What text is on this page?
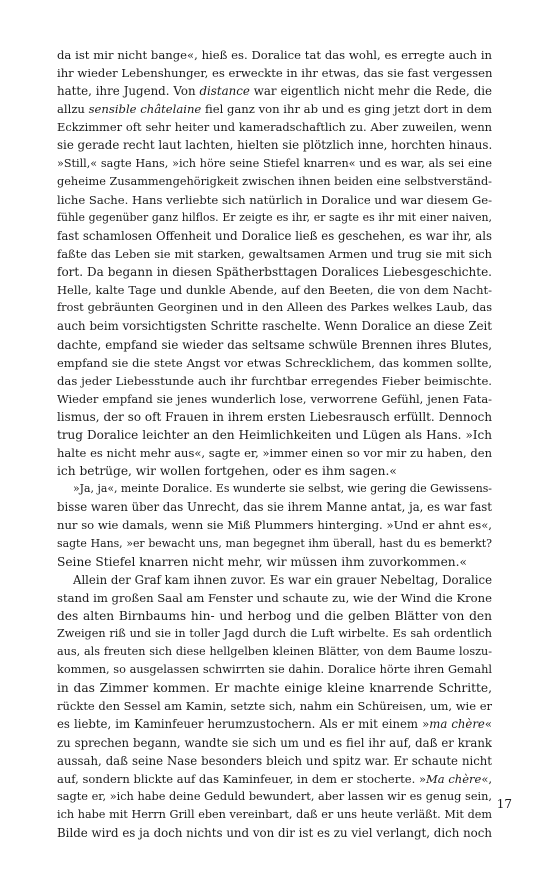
da ist mir nicht bange«, hieß es. Doralice tat das wohl, es erregte auch in
ihr wieder Lebenshunger, es erweckte in ihr etwas, das sie fast vergessen
hatte, ihre Jugend. Von distance war eigentlich nicht mehr die Rede, die
allzu sensible châtelaine fiel ganz von ihr ab und es ging jetzt dort in dem
Eckzimmer oft sehr heiter und kameradschaftlich zu. Aber zuweilen, wenn
sie gerade recht laut lachten, hielten sie plötzlich inne, horchten hinaus.
»Still,« sagte Hans, »ich höre seine Stiefel knarren« und es war, als sei eine
geheime Zusammengehörigkeit zwischen ihnen beiden eine selbstverständ-
liche Sache. Hans verliebte sich natürlich in Doralice und war diesem Ge-
fühle gegenüber ganz hilflos. Er zeigte es ihr, er sagte es ihr mit einer naiven,
fast schamlosen Offenheit und Doralice ließ es geschehen, es war ihr, als
faßte das Leben sie mit starken, gewaltsamen Armen und trug sie mit sich
fort. Da begann in diesen Spätherbsttagen Doralices Liebesgeschichte.
Helle, kalte Tage und dunkle Abende, auf den Beeten, die von dem Nacht-
frost gebräunten Georginen und in den Alleen des Parkes welkes Laub, das
auch beim vorsichtigsten Schritte raschelte. Wenn Doralice an diese Zeit
dachte, empfand sie wieder das seltsame schwüle Brennen ihres Blutes,
empfand sie die stete Angst vor etwas Schrecklichem, das kommen sollte,
das jeder Liebesstunde auch ihr furchtbar erregendes Fieber beimischte.
Wieder empfand sie jenes wunderlich lose, verworrene Gefühl, jenen Fata-
lismus, der so oft Frauen in ihrem ersten Liebesrausch erfüllt. Dennoch
trug Doralice leichter an den Heimlichkeiten und Lügen als Hans. »Ich
halte es nicht mehr aus«, sagte er, »immer einen so vor mir zu haben, den
ich betrüge, wir wollen fortgehen, oder es ihm sagen.«
»Ja, ja«, meinte Doralice. Es wunderte sie selbst, wie gering die Gewissens-
bisse waren über das Unrecht, das sie ihrem Manne antat, ja, es war fast
nur so wie damals, wenn sie Miß Plummers hinterging. »Und er ahnt es«,
sagte Hans, »er bewacht uns, man begegnet ihm überall, hast du es bemerkt?
Seine Stiefel knarren nicht mehr, wir müssen ihm zuvorkommen.«
Allein der Graf kam ihnen zuvor. Es war ein grauer Nebeltag, Doralice
stand im großen Saal am Fenster und schaute zu, wie der Wind die Krone
des alten Birnbaums hin- und herbog und die gelben Blätter von den
Zweigen riß und sie in toller Jagd durch die Luft wirbelte. Es sah ordentlich
aus, als freuten sich diese hellgelben kleinen Blätter, von dem Baume loszu-
kommen, so ausgelassen schwirrten sie dahin. Doralice hörte ihren Gemahl
in das Zimmer kommen. Er machte einige kleine knarrende Schritte,
rückte den Sessel am Kamin, setzte sich, nahm ein Schüreisen, um, wie er
es liebte, im Kaminfeuer herumzustochern. Als er mit einem »ma chère«
zu sprechen begann, wandte sie sich um und es fiel ihr auf, daß er krank
aussah, daß seine Nase besonders bleich und spitz war. Er schaute nicht
auf, sondern blickte auf das Kaminfeuer, in dem er stocherte. »Ma chère«,
sagte er, »ich habe deine Geduld bewundert, aber lassen wir es genug sein,
ich habe mit Herrn Grill eben vereinbart, daß er uns heute verläßt. Mit dem
Bilde wird es ja doch nichts und von dir ist es zu viel verlangt, dich noch
17
